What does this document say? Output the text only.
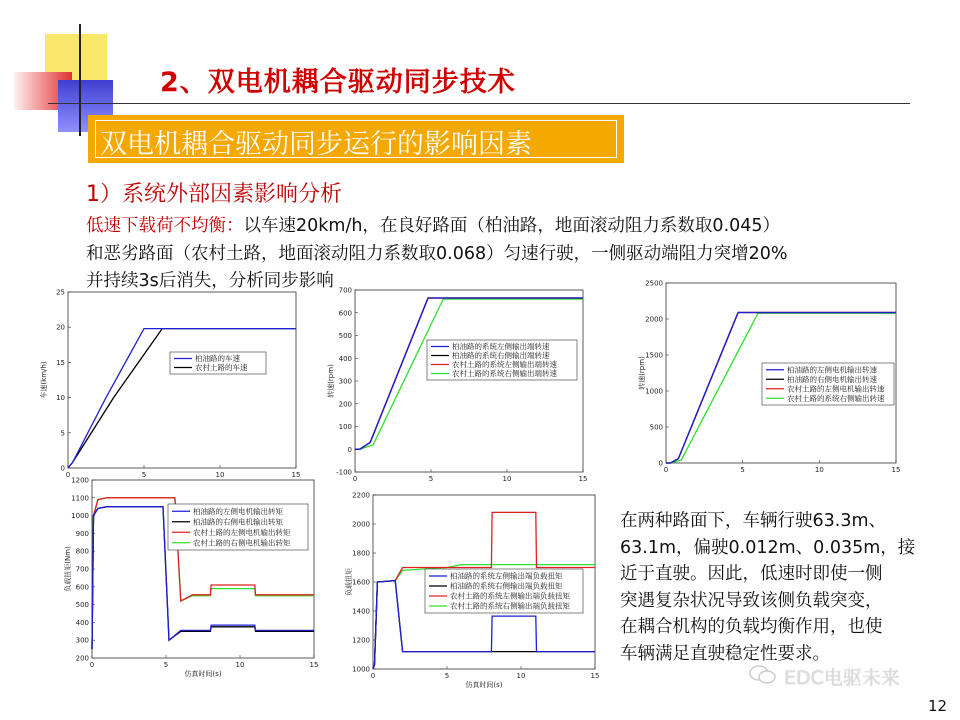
2、双电机耦合驱动同步技术
双电机耦合驱动同步运行的影响因素
1）系统外部因素影响分析
低速下载荷不均衡：以车速20km/h，在良好路面（柏油路，地面滚动阻力系数取0.045）
和恶劣路面（农村土路，地面滚动阻力系数取0.068）匀速行驶，一侧驱动端阻力突增20%
并持续3s后消失，分析同步影响
0
5
10
15
20
25
0	5	10	15
车速(km/h)
柏油路的车速
农村土路的车速
-100
0
100
200
300
400
500
600
700
0	5	10	15
转速(rpm)
柏油路的系统左侧输出端转速
柏油路的系统右侧输出端转速
农村土路的系统左侧输出端转速
农村土路的系统右侧输出端转速
0
500
1000
1500
2000
2500
0	5	10	15
转速(rpm)	柏油路的左侧电机输出转速
柏油路的右侧电机输出转速
农村土路的左侧电机输出转速
农村土路的系统右侧输出转速
200
300
400
500
600
700
800
900
1000
1100
1200
0	5	10	15
负载扭矩(Nm)
仿真时间(s)
柏油路的左侧电机输出转矩
柏油路的右侧电机输出转矩
农村土路的左侧电机输出转矩
农村土路的右侧电机输出转矩
1000
1200
1400
1600
1800
2000
2200
0	5	10	15
负载扭矩
仿真时间(s)
柏油路的系统左侧输出端负载扭矩
柏油路的系统右侧输出端负载扭矩
农村土路的系统左侧输出端负载扭矩
农村土路的系统右侧输出端负载扭矩
在两种路面下，车辆行驶63.3m、
63.1m，偏驶0.012m、0.035m，接
近于直驶。因此，低速时即使一侧
突遇复杂状况导致该侧负载突变，
在耦合机构的负载均衡作用，也使
车辆满足直驶稳定性要求。
EDC电驱未来
12
